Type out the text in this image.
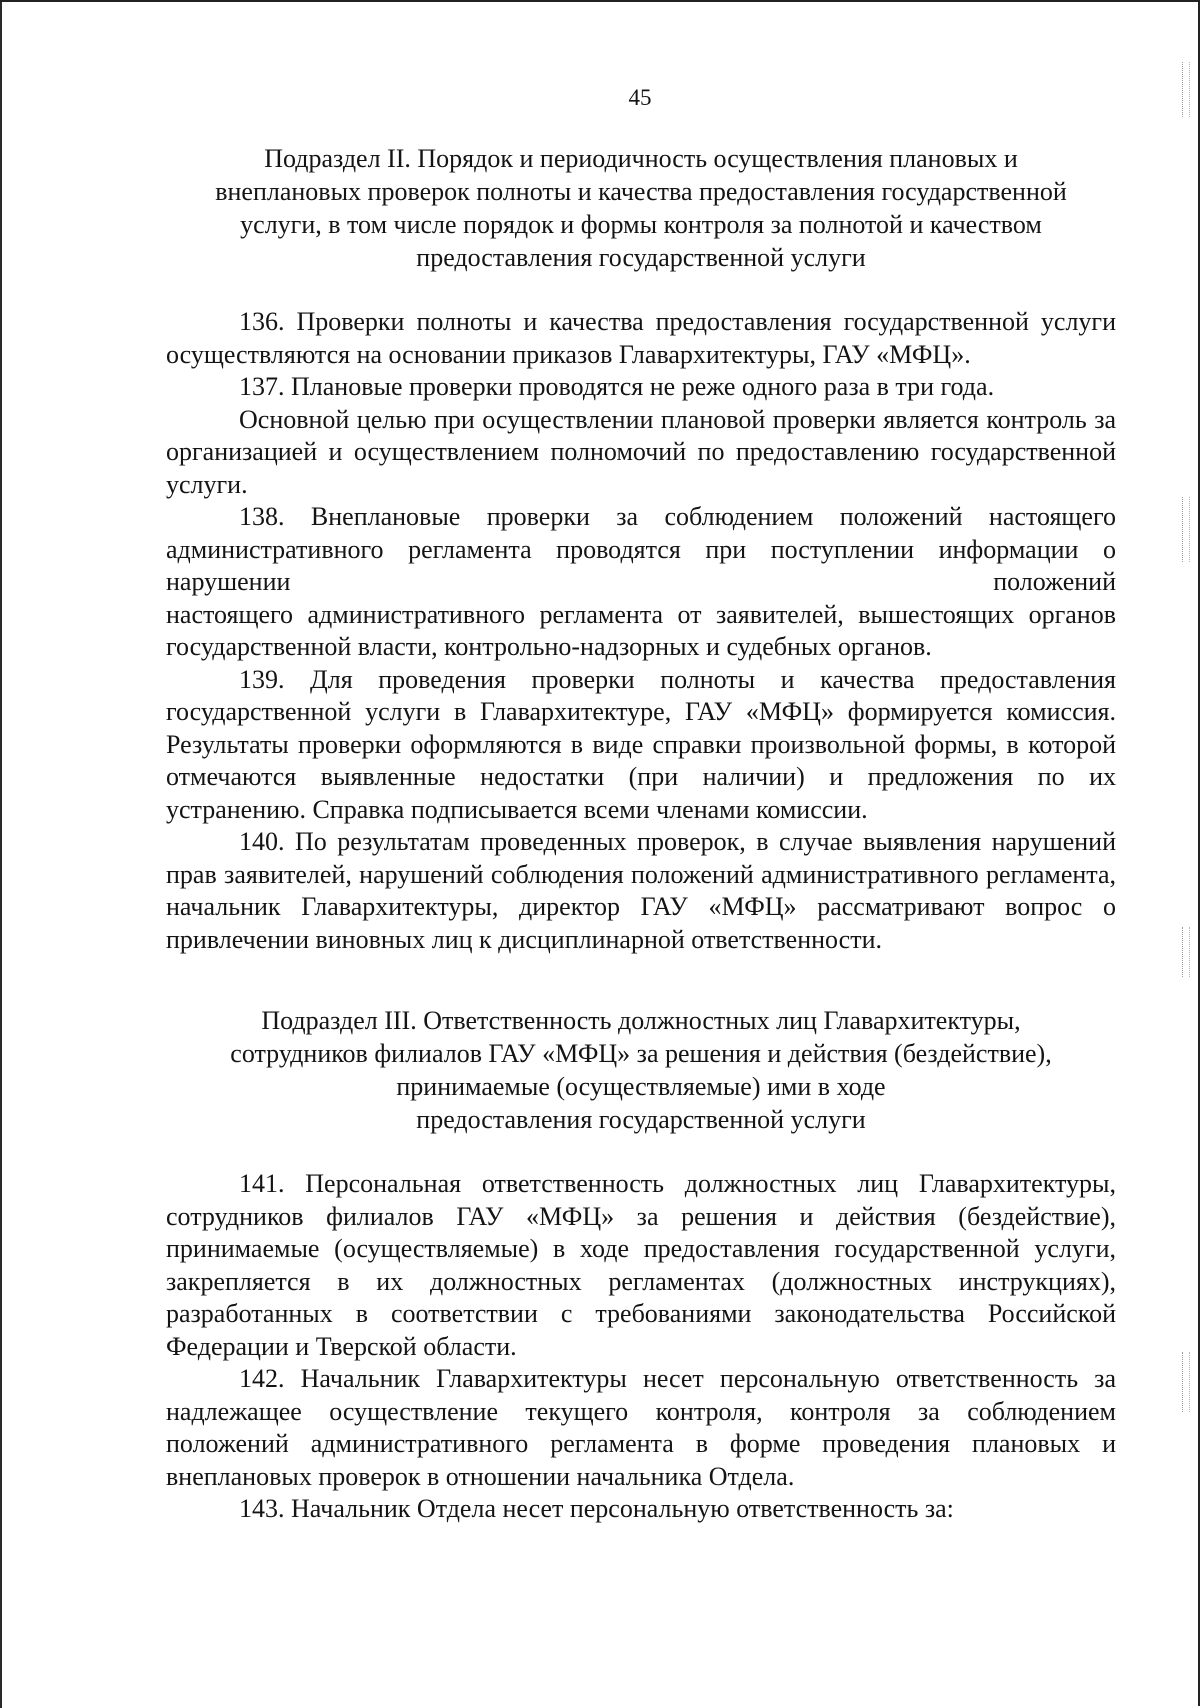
45
Подраздел II. Порядок и периодичность осуществления плановых и
внеплановых проверок полноты и качества предоставления государственной
услуги, в том числе порядок и формы контроля за полнотой и качеством
предоставления государственной услуги

136. Проверки полноты и качества предоставления государственной услуги осуществляются на основании приказов Главархитектуры, ГАУ «МФЦ».

137. Плановые проверки проводятся не реже одного раза в три года.

Основной целью при осуществлении плановой проверки является контроль за организацией и осуществлением полномочий по предоставлению государственной услуги.

138. Внеплановые проверки за соблюдением положений настоящего административного регламента проводятся при поступлении информации о нарушении положений

настоящего административного регламента от заявителей, вышестоящих органов государственной власти, контрольно-надзорных и судебных органов.

139. Для проведения проверки полноты и качества предоставления государственной услуги в Главархитектуре, ГАУ «МФЦ» формируется комиссия. Результаты проверки оформляются в виде справки произвольной формы, в которой отмечаются выявленные недостатки (при наличии) и предложения по их устранению. Справка подписывается всеми членами комиссии.

140. По результатам проведенных проверок, в случае выявления нарушений прав заявителей, нарушений соблюдения положений административного регламента, начальник Главархитектуры, директор ГАУ «МФЦ» рассматривают вопрос о привлечении виновных лиц к дисциплинарной ответственности.

Подраздел III. Ответственность должностных лиц Главархитектуры,
сотрудников филиалов ГАУ «МФЦ» за решения и действия (бездействие),
принимаемые (осуществляемые) ими в ходе
предоставления государственной услуги

141. Персональная ответственность должностных лиц Главархитектуры, сотрудников филиалов ГАУ «МФЦ» за решения и действия (бездействие), принимаемые (осуществляемые) в ходе предоставления государственной услуги, закрепляется в их должностных регламентах (должностных инструкциях), разработанных в соответствии с требованиями законодательства Российской Федерации и Тверской области.

142. Начальник Главархитектуры несет персональную ответственность за надлежащее осуществление текущего контроля, контроля за соблюдением положений административного регламента в форме проведения плановых и внеплановых проверок в отношении начальника Отдела.

143. Начальник Отдела несет персональную ответственность за:
